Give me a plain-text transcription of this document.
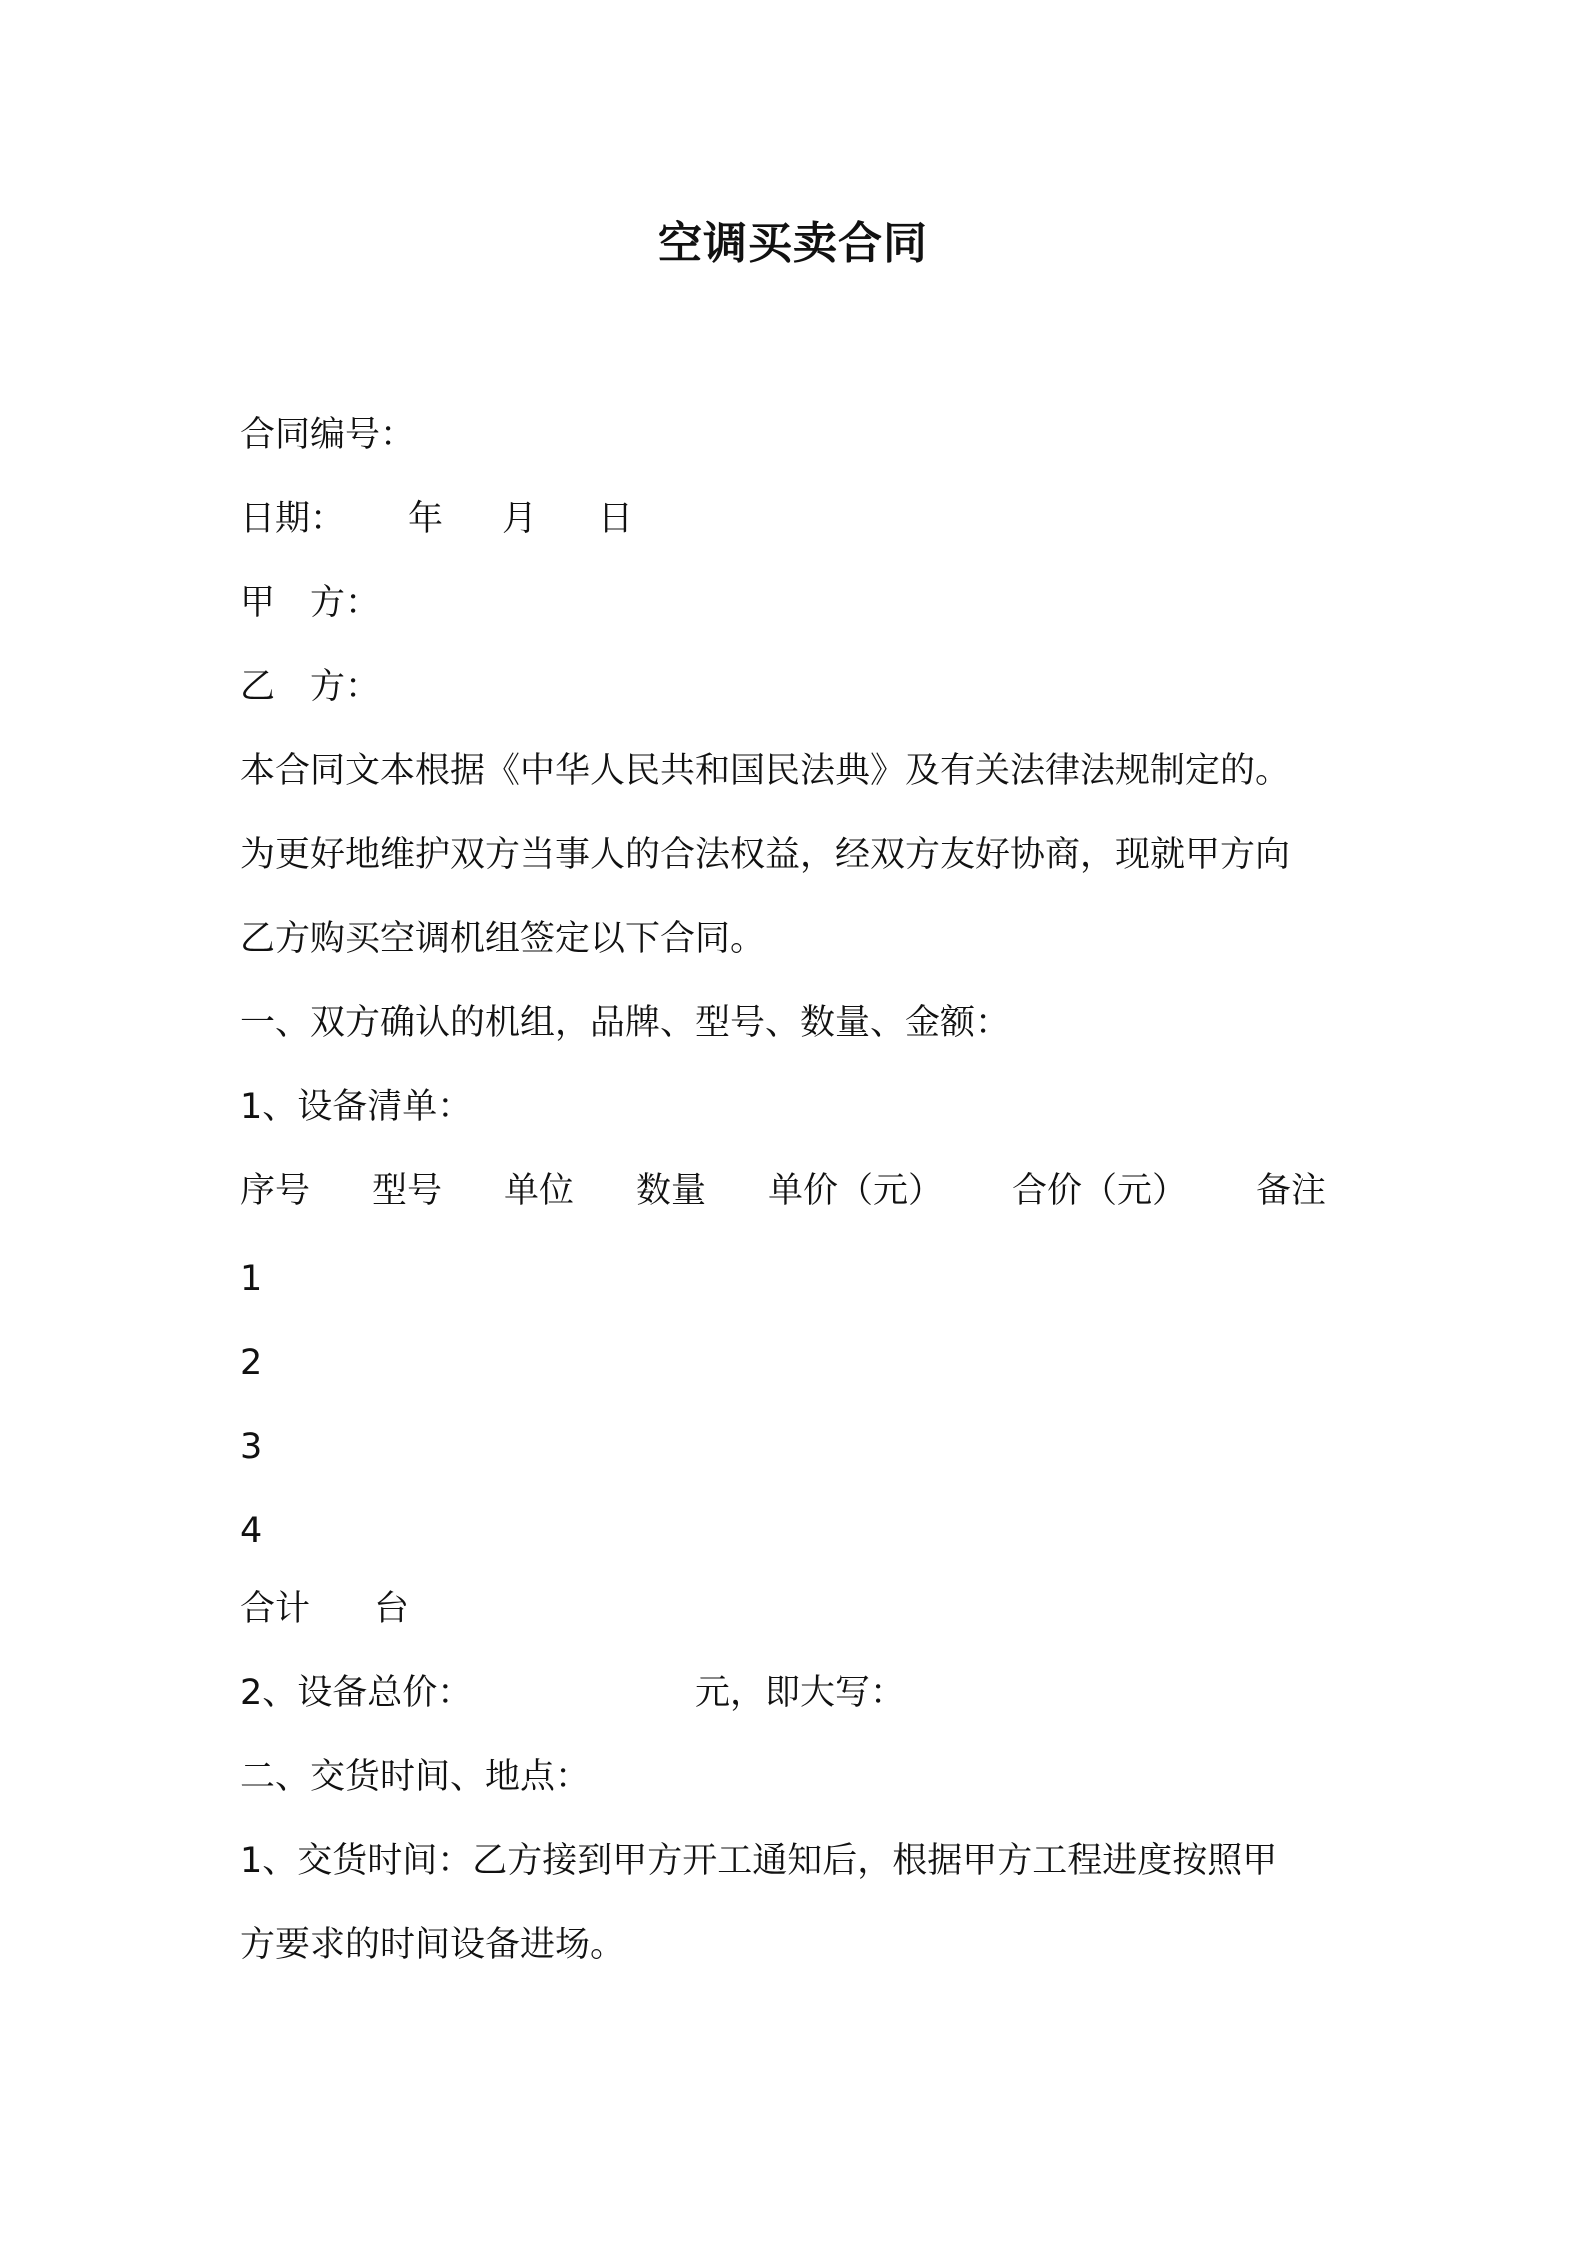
空调买卖合同
合同编号：
日期： 年 月 日
甲　方：
乙　方：
本合同文本根据《中华人民共和国民法典》及有关法律法规制定的。
为更好地维护双方当事人的合法权益，经双方友好协商，现就甲方向
乙方购买空调机组签定以下合同。
一、双方确认的机组，品牌、型号、数量、金额：
1、设备清单：
序号 型号 单位 数量 单价（元） 合价（元） 备注
1
2
3
4
合计 台
2、设备总价：	元，即大写：
二、交货时间、地点：
1、交货时间：乙方接到甲方开工通知后，根据甲方工程进度按照甲
方要求的时间设备进场。
